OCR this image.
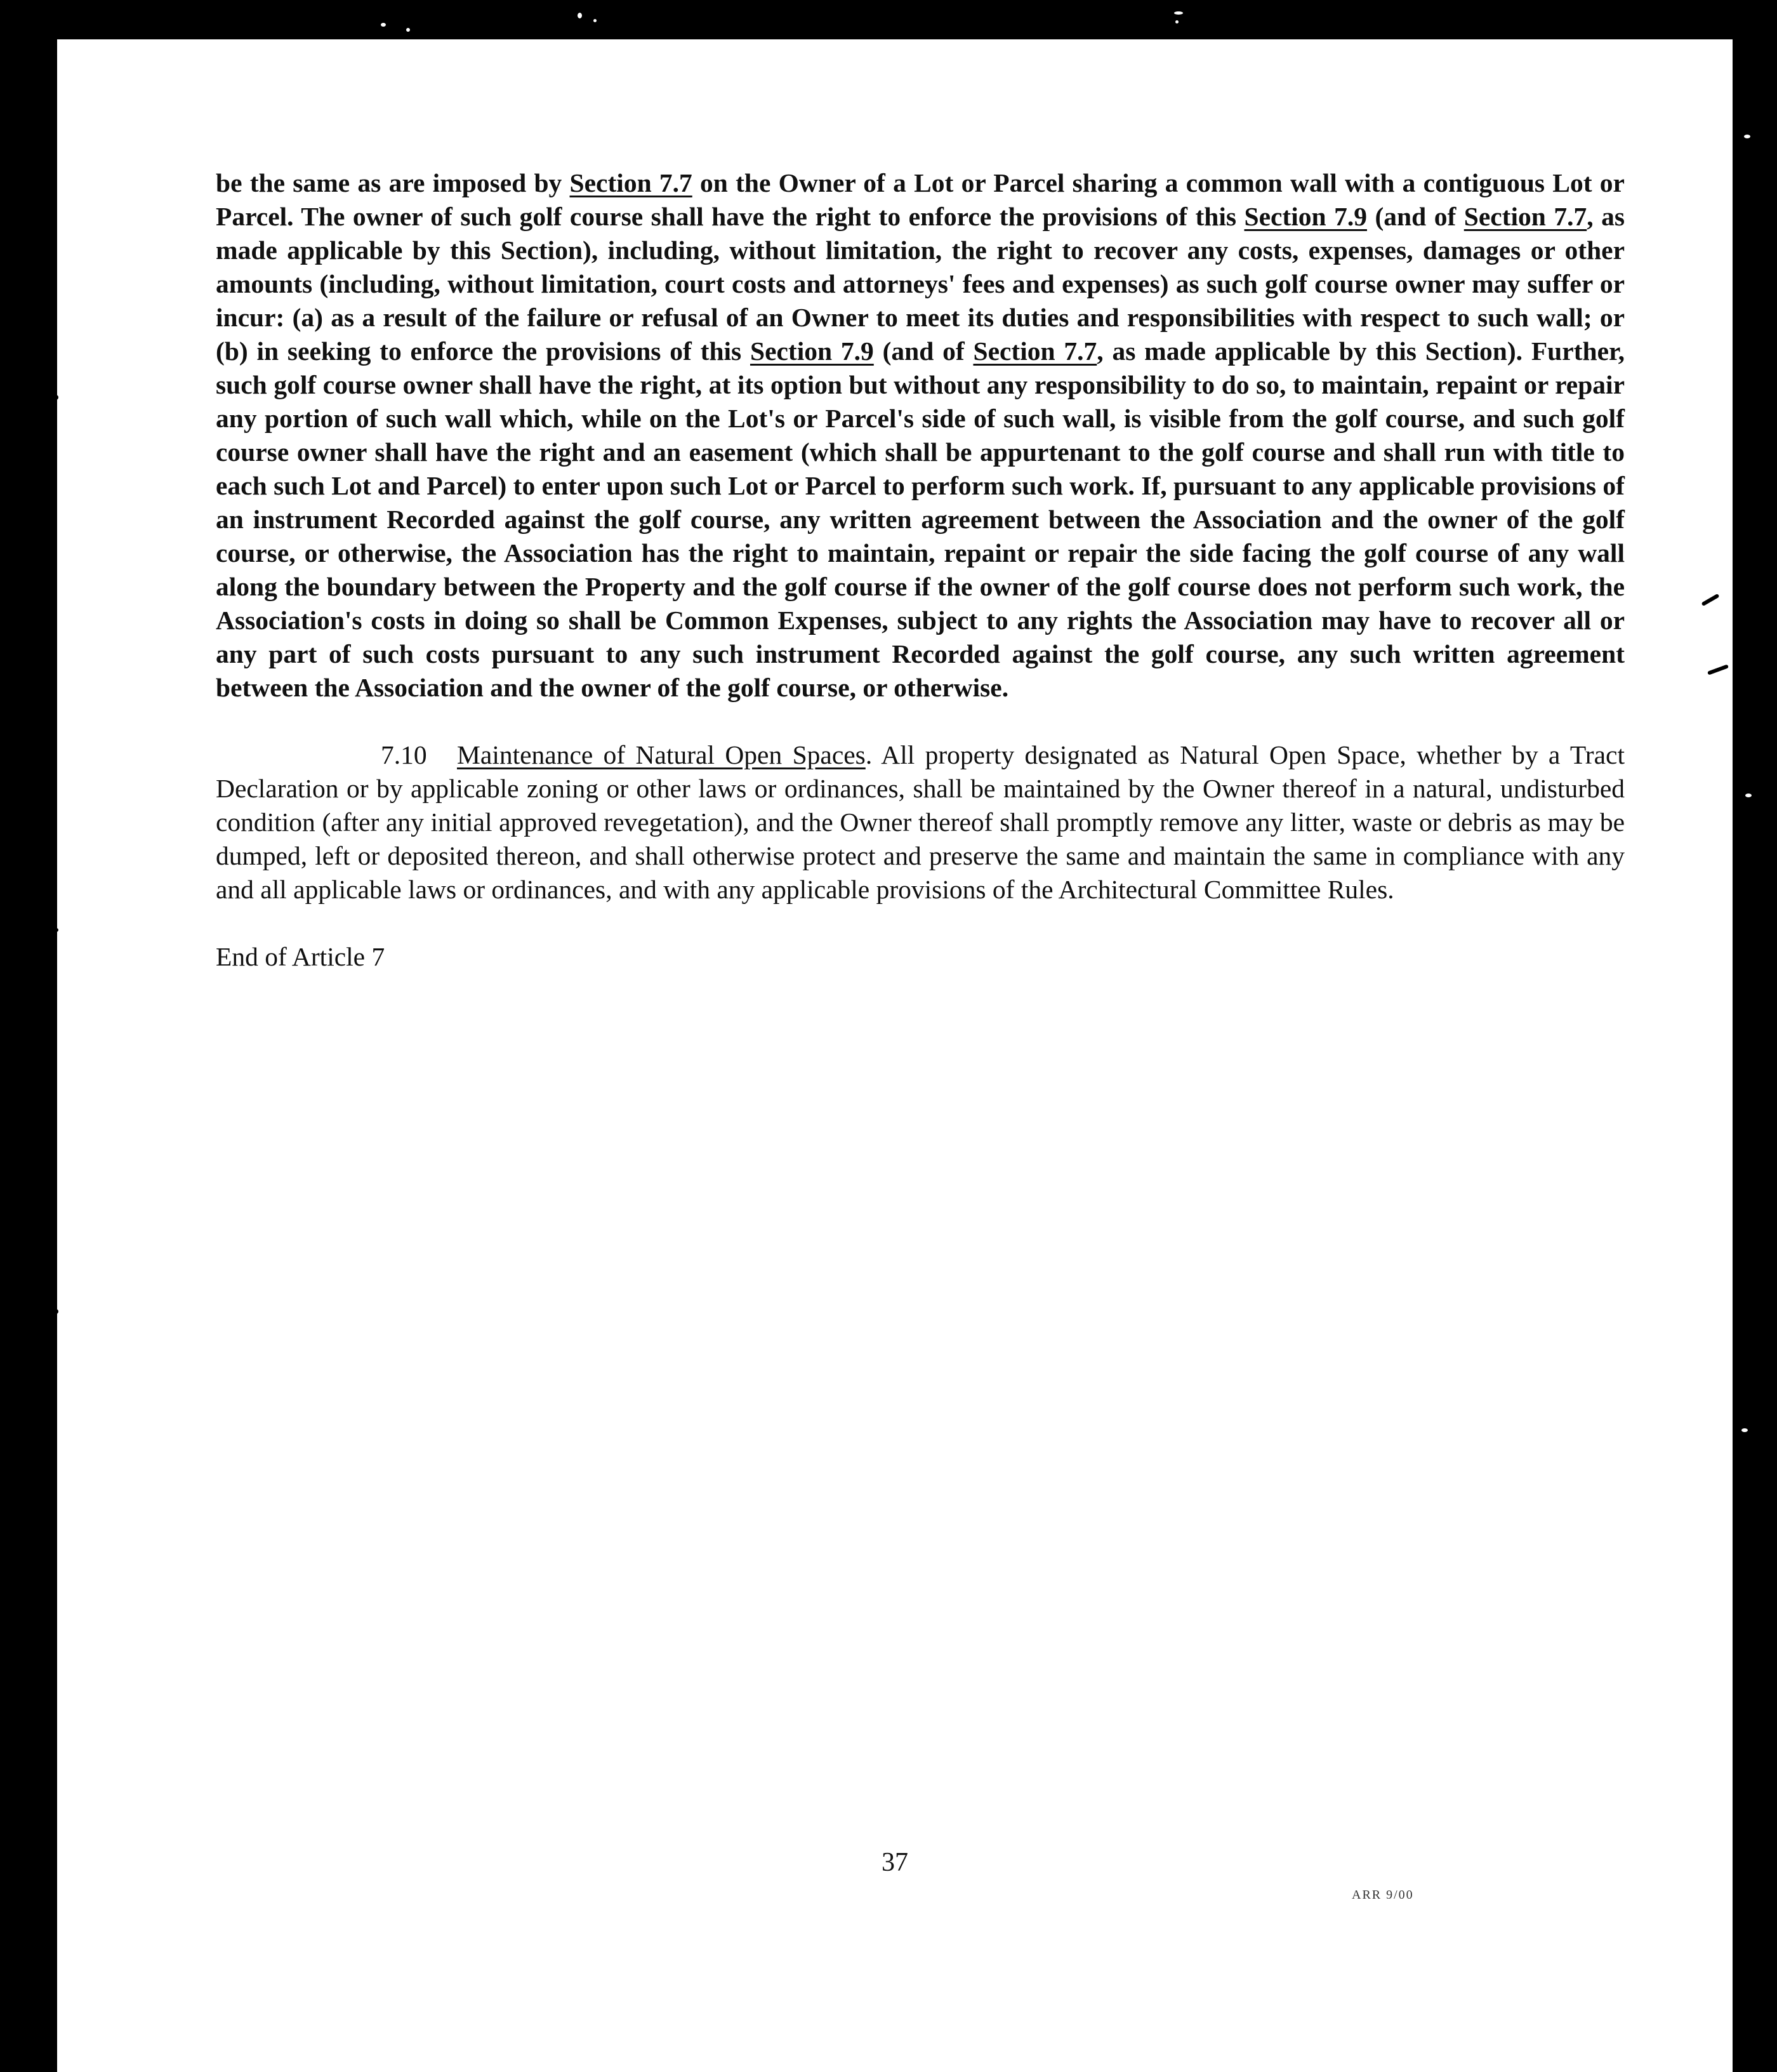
be the same as are imposed by Section 7.7 on the Owner of a Lot or Parcel sharing a common wall with a contiguous Lot or Parcel. The owner of such golf course shall have the right to enforce the provisions of this Section 7.9 (and of Section 7.7, as made applicable by this Section), including, without limitation, the right to recover any costs, expenses, damages or other amounts (including, without limitation, court costs and attorneys' fees and expenses) as such golf course owner may suffer or incur: (a) as a result of the failure or refusal of an Owner to meet its duties and responsibilities with respect to such wall; or (b) in seeking to enforce the provisions of this Section 7.9 (and of Section 7.7, as made applicable by this Section). Further, such golf course owner shall have the right, at its option but without any responsibility to do so, to maintain, repaint or repair any portion of such wall which, while on the Lot's or Parcel's side of such wall, is visible from the golf course, and such golf course owner shall have the right and an easement (which shall be appurtenant to the golf course and shall run with title to each such Lot and Parcel) to enter upon such Lot or Parcel to perform such work. If, pursuant to any applicable provisions of an instrument Recorded against the golf course, any written agreement between the Association and the owner of the golf course, or otherwise, the Association has the right to maintain, repaint or repair the side facing the golf course of any wall along the boundary between the Property and the golf course if the owner of the golf course does not perform such work, the Association's costs in doing so shall be Common Expenses, subject to any rights the Association may have to recover all or any part of such costs pursuant to any such instrument Recorded against the golf course, any such written agreement between the Association and the owner of the golf course, or otherwise.

7.10 Maintenance of Natural Open Spaces. All property designated as Natural Open Space, whether by a Tract Declaration or by applicable zoning or other laws or ordinances, shall be maintained by the Owner thereof in a natural, undisturbed condition (after any initial approved revegetation), and the Owner thereof shall promptly remove any litter, waste or debris as may be dumped, left or deposited thereon, and shall otherwise protect and preserve the same and maintain the same in compliance with any and all applicable laws or ordinances, and with any applicable provisions of the Architectural Committee Rules.

End of Article 7

37
ARR 9/00
